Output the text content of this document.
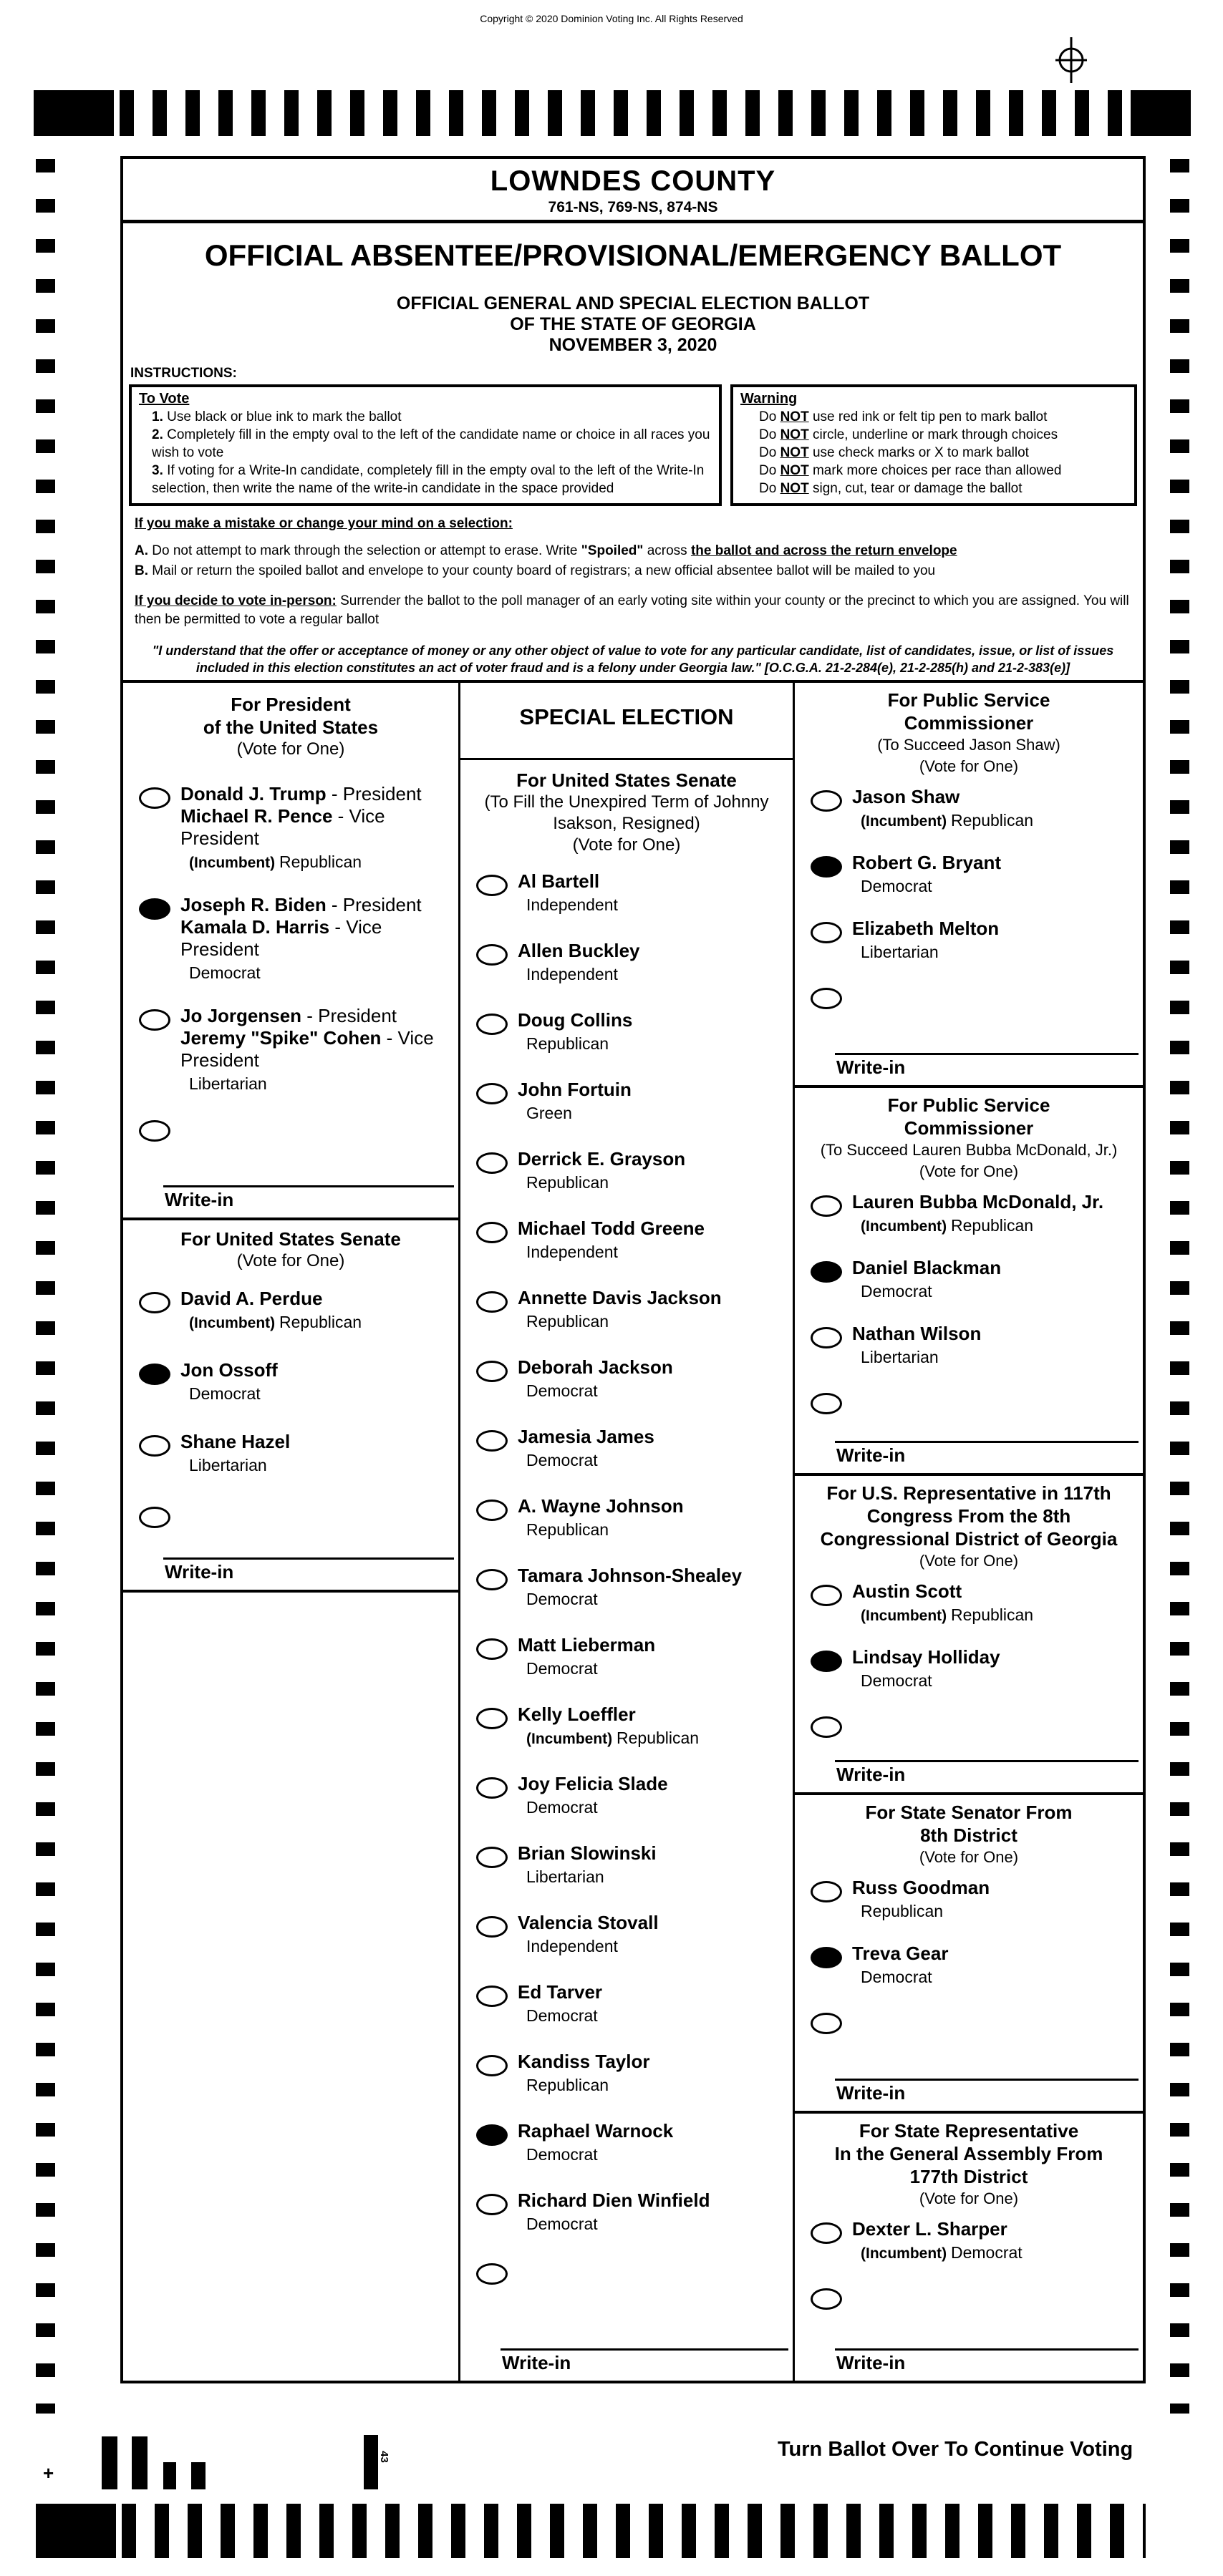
Copyright © 2020 Dominion Voting Inc. All Rights Reserved
LOWNDES COUNTY
761-NS, 769-NS, 874-NS
OFFICIAL ABSENTEE/PROVISIONAL/EMERGENCY BALLOT
OFFICIAL GENERAL AND SPECIAL ELECTION BALLOT
OF THE STATE OF GEORGIA
NOVEMBER 3, 2020
INSTRUCTIONS:
To Vote
1. Use black or blue ink to mark the ballot
2. Completely fill in the empty oval to the left of the candidate name or choice in all races you wish to vote
3. If voting for a Write-In candidate, completely fill in the empty oval to the left of the Write-In selection, then write the name of the write-in candidate in the space provided
Warning
Do NOT use red ink or felt tip pen to mark ballot
Do NOT circle, underline or mark through choices
Do NOT use check marks or X to mark ballot
Do NOT mark more choices per race than allowed
Do NOT sign, cut, tear or damage the ballot
If you make a mistake or change your mind on a selection:
A. Do not attempt to mark through the selection or attempt to erase. Write "Spoiled" across the ballot and across the return envelope
B. Mail or return the spoiled ballot and envelope to your county board of registrars; a new official absentee ballot will be mailed to you
If you decide to vote in-person: Surrender the ballot to the poll manager of an early voting site within your county or the precinct to which you are assigned. You will then be permitted to vote a regular ballot
"I understand that the offer or acceptance of money or any other object of value to vote for any particular candidate, list of candidates, issue, or list of issues included in this election constitutes an act of voter fraud and is a felony under Georgia law." [O.C.G.A. 21-2-284(e), 21-2-285(h) and 21-2-383(e)]
For President
of the United States
(Vote for One)
Donald J. Trump - President
Michael R. Pence - Vice President
(Incumbent) Republican
Joseph R. Biden - President
Kamala D. Harris - Vice President
Democrat
Jo Jorgensen - President
Jeremy "Spike" Cohen - Vice President
Libertarian
Write-in
For United States Senate
(Vote for One)
David A. Perdue
(Incumbent) Republican
Jon Ossoff
Democrat
Shane Hazel
Libertarian
Write-in
SPECIAL ELECTION
For United States Senate
(To Fill the Unexpired Term of Johnny
Isakson, Resigned)
(Vote for One)
Al Bartell
Independent
Allen Buckley
Independent
Doug Collins
Republican
John Fortuin
Green
Derrick E. Grayson
Republican
Michael Todd Greene
Independent
Annette Davis Jackson
Republican
Deborah Jackson
Democrat
Jamesia James
Democrat
A. Wayne Johnson
Republican
Tamara Johnson-Shealey
Democrat
Matt Lieberman
Democrat
Kelly Loeffler
(Incumbent) Republican
Joy Felicia Slade
Democrat
Brian Slowinski
Libertarian
Valencia Stovall
Independent
Ed Tarver
Democrat
Kandiss Taylor
Republican
Raphael Warnock
Democrat
Richard Dien Winfield
Democrat
Write-in
For Public Service
Commissioner
(To Succeed Jason Shaw)
(Vote for One)
Jason Shaw
(Incumbent) Republican
Robert G. Bryant
Democrat
Elizabeth Melton
Libertarian
Write-in
For Public Service
Commissioner
(To Succeed Lauren Bubba McDonald, Jr.)
(Vote for One)
Lauren Bubba McDonald, Jr.
(Incumbent) Republican
Daniel Blackman
Democrat
Nathan Wilson
Libertarian
Write-in
For U.S. Representative in 117th
Congress From the 8th
Congressional District of Georgia
(Vote for One)
Austin Scott
(Incumbent) Republican
Lindsay Holliday
Democrat
Write-in
For State Senator From
8th District
(Vote for One)
Russ Goodman
Republican
Treva Gear
Democrat
Write-in
For State Representative
In the General Assembly From
177th District
(Vote for One)
Dexter L. Sharper
(Incumbent) Democrat
Write-in
+
43	Turn Ballot Over To Continue Voting
